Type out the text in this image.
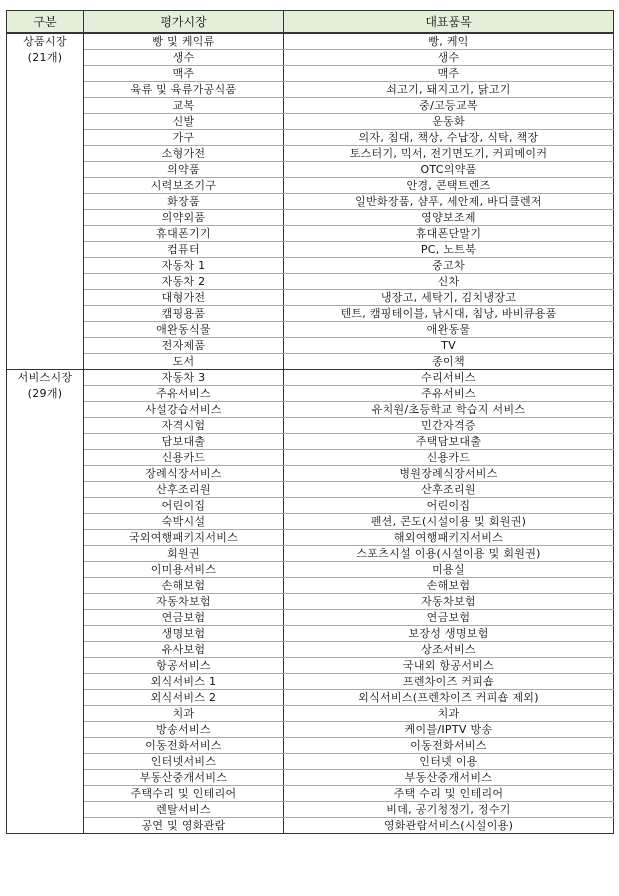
구분	평가시장	대표품목

상품시장
(21개)	빵 및 케익류	빵, 케익
	생수	생수
	맥주	맥주
	육류 및 육류가공식품	쇠고기, 돼지고기, 닭고기
	교복	중/고등교복
	신발	운동화
	가구	의자, 침대, 책상, 수납장, 식탁, 책장
	소형가전	토스터기, 믹서, 전기면도기, 커피메이커
	의약품	OTC의약품
	시력보조기구	안경, 콘택트렌즈
	화장품	일반화장품, 샴푸, 세안제, 바디클렌저
	의약외품	영양보조제
	휴대폰기기	휴대폰단말기
	컴퓨터	PC, 노트북
	자동차 1	중고차
	자동차 2	신차
	대형가전	냉장고, 세탁기, 김치냉장고
	캠핑용품	텐트, 캠핑테이블, 낚시대, 침낭, 바비큐용품
	애완동식물	애완동물
	전자제품	TV
	도서	종이책

서비스시장
(29개)	자동차 3	수리서비스
	주유서비스	주유서비스
	사설강습서비스	유치원/초등학교 학습지 서비스
	자격시험	민간자격증
	담보대출	주택담보대출
	신용카드	신용카드
	장례식장서비스	병원장례식장서비스
	산후조리원	산후조리원
	어린이집	어린이집
	숙박시설	펜션, 콘도(시설이용 및 회원권)
	국외여행패키지서비스	해외여행패키지서비스
	회원권	스포츠시설 이용(시설이용 및 회원권)
	이미용서비스	미용실
	손해보험	손해보험
	자동차보험	자동차보험
	연금보험	연금보험
	생명보험	보장성 생명보험
	유사보험	상조서비스
	항공서비스	국내외 항공서비스
	외식서비스 1	프렌차이즈 커피숍
	외식서비스 2	외식서비스(프렌차이즈 커피숍 제외)
	치과	치과
	방송서비스	케이블/IPTV 방송
	이동전화서비스	이동전화서비스
	인터넷서비스	인터넷 이용
	부동산중개서비스	부동산중개서비스
	주택수리 및 인테리어	주택 수리 및 인테리어
	렌탈서비스	비데, 공기청정기, 정수기
	공연 및 영화관람	영화관람서비스(시설이용)
